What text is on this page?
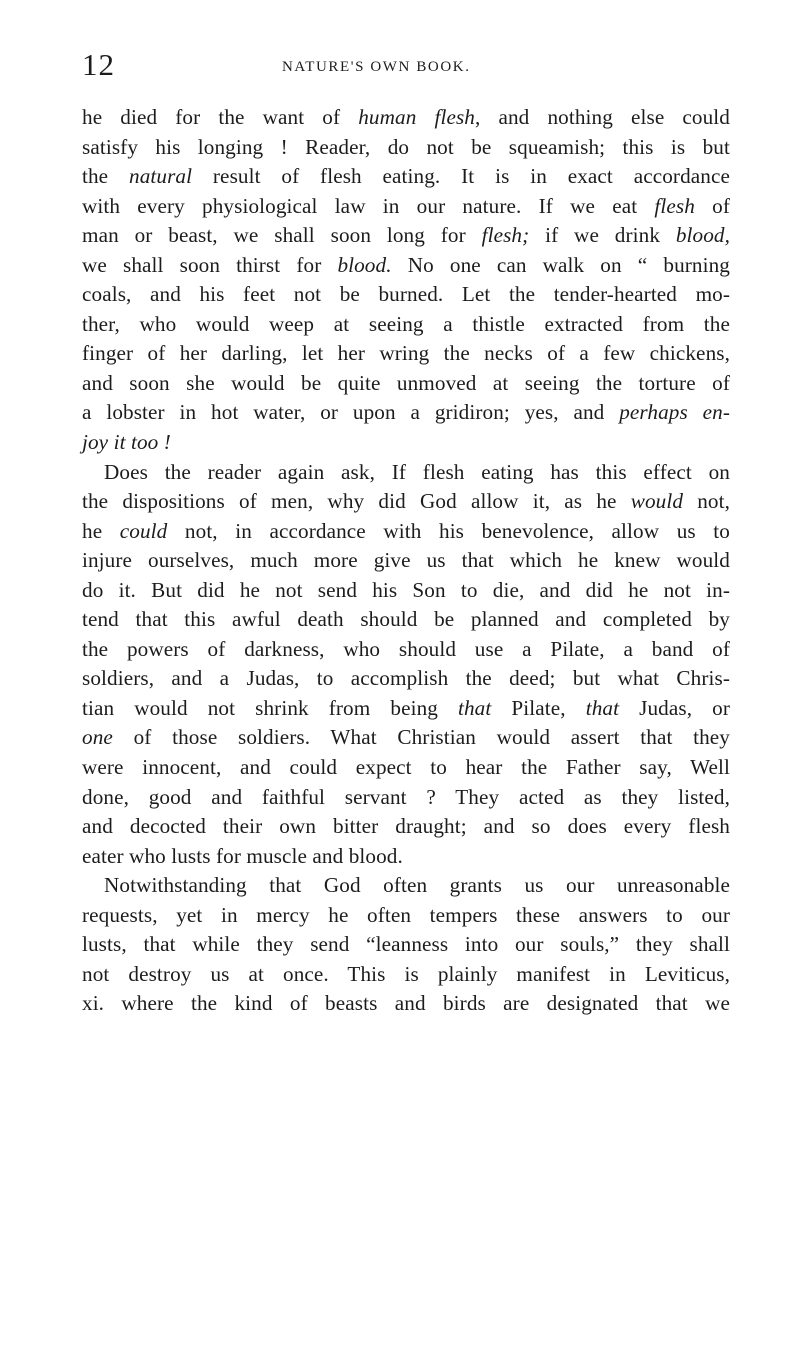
12	NATURE'S OWN BOOK.
he died for the want of human flesh, and nothing else could
satisfy his longing ! Reader, do not be squeamish; this is but
the natural result of flesh eating. It is in exact accordance
with every physiological law in our nature. If we eat flesh of
man or beast, we shall soon long for flesh; if we drink blood,
we shall soon thirst for blood. No one can walk on “ burning
coals, and his feet not be burned. Let the tender-hearted mo-
ther, who would weep at seeing a thistle extracted from the
finger of her darling, let her wring the necks of a few chickens,
and soon she would be quite unmoved at seeing the torture of
a lobster in hot water, or upon a gridiron; yes, and perhaps en-
joy it too !
Does the reader again ask, If flesh eating has this effect on
the dispositions of men, why did God allow it, as he would not,
he could not, in accordance with his benevolence, allow us to
injure ourselves, much more give us that which he knew would
do it. But did he not send his Son to die, and did he not in-
tend that this awful death should be planned and completed by
the powers of darkness, who should use a Pilate, a band of
soldiers, and a Judas, to accomplish the deed; but what Chris-
tian would not shrink from being that Pilate, that Judas, or
one of those soldiers. What Christian would assert that they
were innocent, and could expect to hear the Father say, Well
done, good and faithful servant ? They acted as they listed,
and decocted their own bitter draught; and so does every flesh
eater who lusts for muscle and blood.
Notwithstanding that God often grants us our unreasonable
requests, yet in mercy he often tempers these answers to our
lusts, that while they send “leanness into our souls,” they shall
not destroy us at once. This is plainly manifest in Leviticus,
xi. where the kind of beasts and birds are designated that we
